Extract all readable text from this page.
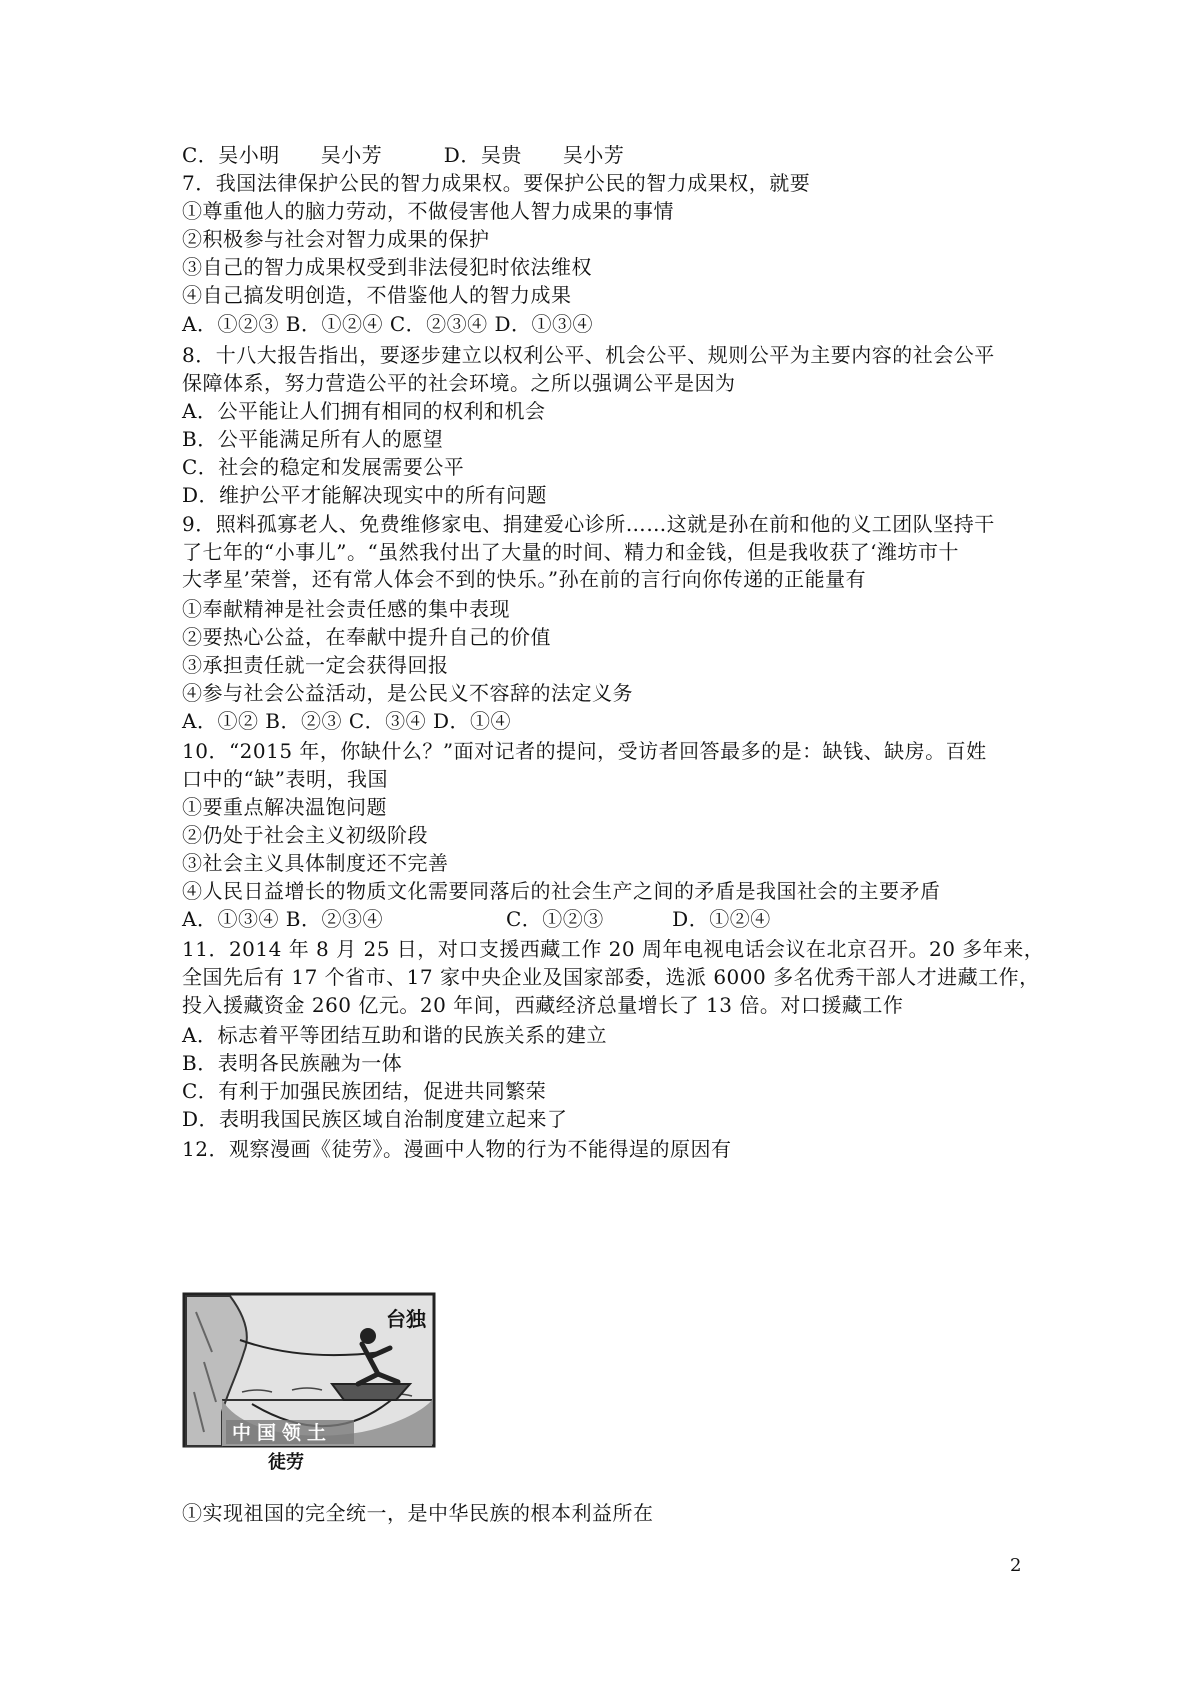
C．吴小明　　吴小芳　　　D．吴贵　　吴小芳
7．我国法律保护公民的智力成果权。要保护公民的智力成果权，就要
①尊重他人的脑力劳动，不做侵害他人智力成果的事情
②积极参与社会对智力成果的保护
③自己的智力成果权受到非法侵犯时依法维权
④自己搞发明创造，不借鉴他人的智力成果
A．①②③ B．①②④ C．②③④ D．①③④
8．十八大报告指出，要逐步建立以权利公平、机会公平、规则公平为主要内容的社会公平
保障体系，努力营造公平的社会环境。之所以强调公平是因为
A．公平能让人们拥有相同的权利和机会
B．公平能满足所有人的愿望
C．社会的稳定和发展需要公平
D．维护公平才能解决现实中的所有问题
9．照料孤寡老人、免费维修家电、捐建爱心诊所……这就是孙在前和他的义工团队坚持干
了七年的“小事儿”。“虽然我付出了大量的时间、精力和金钱，但是我收获了‘潍坊市十
大孝星’荣誉，还有常人体会不到的快乐。”孙在前的言行向你传递的正能量有
①奉献精神是社会责任感的集中表现
②要热心公益，在奉献中提升自己的价值
③承担责任就一定会获得回报
④参与社会公益活动，是公民义不容辞的法定义务
A．①② B．②③ C．③④ D．①④
10．“2015 年，你缺什么？”面对记者的提问，受访者回答最多的是：缺钱、缺房。百姓
口中的“缺”表明，我国
①要重点解决温饱问题
②仍处于社会主义初级阶段
③社会主义具体制度还不完善
④人民日益增长的物质文化需要同落后的社会生产之间的矛盾是我国社会的主要矛盾
A．①③④ B．②③④　　　　　　C．①②③　　　 D．①②④
11．2014 年 8 月 25 日，对口支援西藏工作 20 周年电视电话会议在北京召开。20 多年来，
全国先后有 17 个省市、17 家中央企业及国家部委，选派 6000 多名优秀干部人才进藏工作，
投入援藏资金 260 亿元。20 年间，西藏经济总量增长了 13 倍。对口援藏工作
A．标志着平等团结互助和谐的民族关系的建立
B．表明各民族融为一体
C．有利于加强民族团结，促进共同繁荣
D．表明我国民族区域自治制度建立起来了
12．观察漫画《徒劳》。漫画中人物的行为不能得逞的原因有
台独
中国领土
徒劳
①实现祖国的完全统一，是中华民族的根本利益所在
2
